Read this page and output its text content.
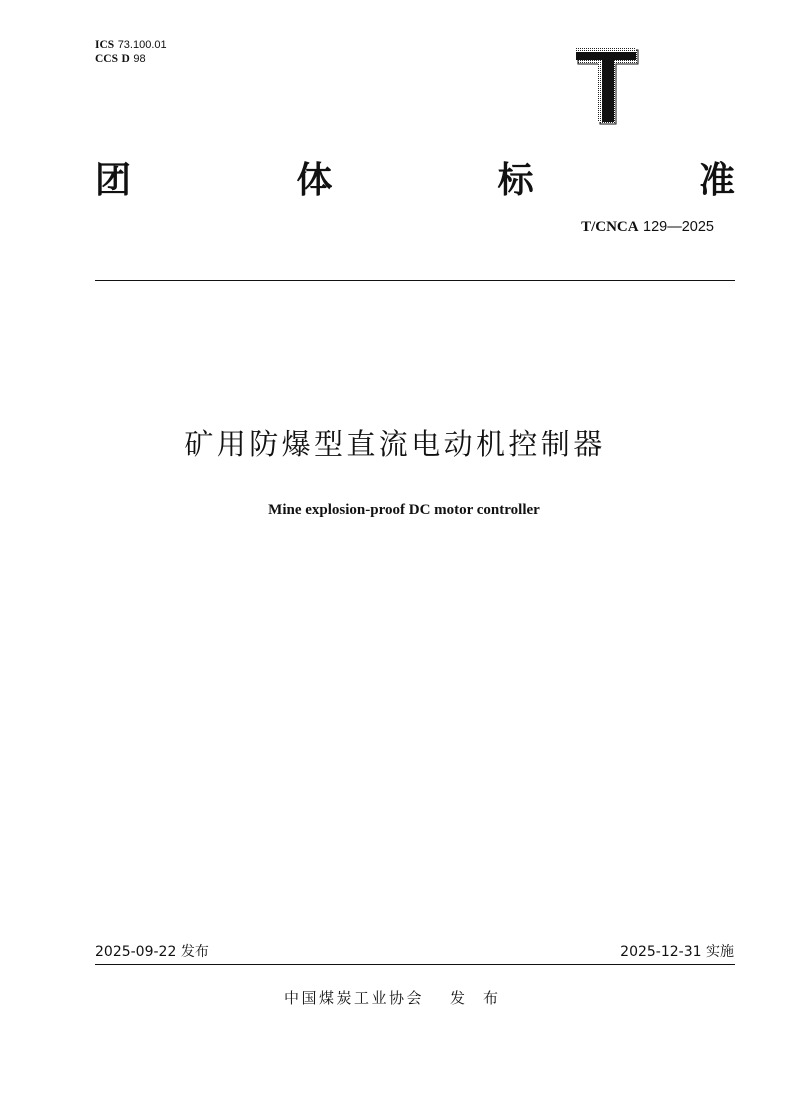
ICS 73.100.01
CCS D 98
团	体	标	准
T/CNCA 129—2025
矿用防爆型直流电动机控制器
Mine explosion-proof DC motor controller
2025-09-22 发布	2025-12-31 实施
中国煤炭工业协会 发布
